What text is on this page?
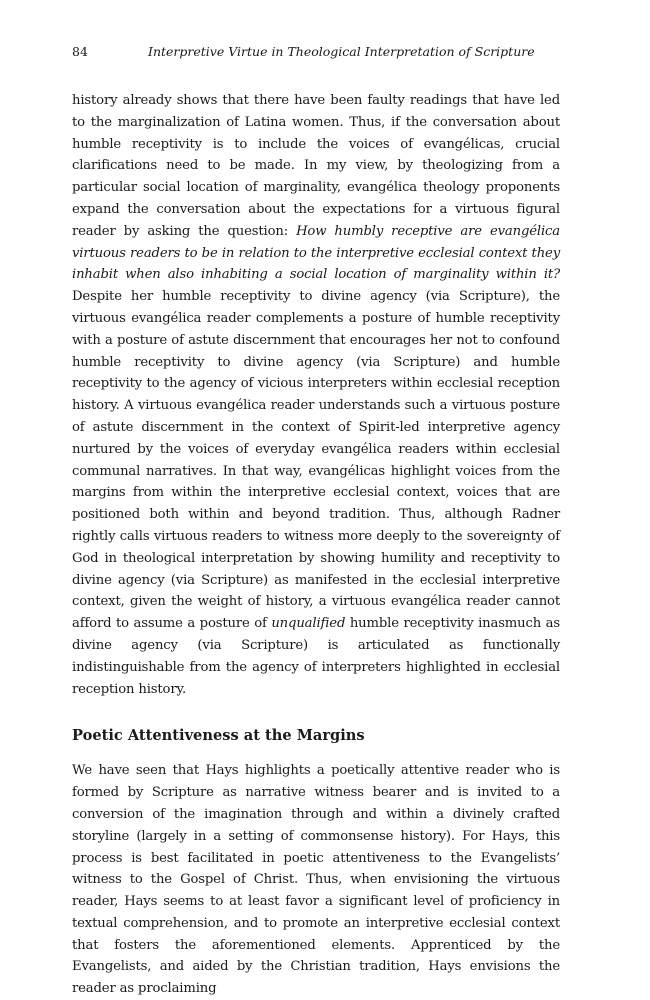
84	Interpretive Virtue in Theological Interpretation of Scripture

history already shows that there have been faulty readings that have led to the marginalization of Latina women. Thus, if the conversation about humble receptivity is to include the voices of evangélicas, crucial clarifications need to be made. In my view, by theologizing from a particular social location of marginality, evangélica theology proponents expand the conversation about the expectations for a virtuous figural reader by asking the question: How humbly receptive are evangélica virtuous readers to be in relation to the interpretive ecclesial context they inhabit when also inhabiting a social location of marginality within it? Despite her humble receptivity to divine agency (via Scripture), the virtuous evangélica reader complements a posture of humble receptivity with a posture of astute discernment that encourages her not to confound humble receptivity to divine agency (via Scripture) and humble receptivity to the agency of vicious interpreters within ecclesial reception history. A virtuous evangélica reader understands such a virtuous posture of astute discernment in the context of Spirit-led interpretive agency nurtured by the voices of everyday evangélica readers within ecclesial communal narratives. In that way, evangélicas highlight voices from the margins from within the interpretive ecclesial context, voices that are positioned both within and beyond tradition. Thus, although Radner rightly calls virtuous readers to witness more deeply to the sovereignty of God in theological interpretation by showing humility and receptivity to divine agency (via Scripture) as manifested in the ecclesial interpretive context, given the weight of history, a virtuous evangélica reader cannot afford to assume a posture of unqualified humble receptivity inasmuch as divine agency (via Scripture) is articulated as functionally indistinguishable from the agency of interpreters highlighted in ecclesial reception history.

Poetic Attentiveness at the Margins

We have seen that Hays highlights a poetically attentive reader who is formed by Scripture as narrative witness bearer and is invited to a conversion of the imagination through and within a divinely crafted storyline (largely in a setting of commonsense history). For Hays, this process is best facilitated in poetic attentiveness to the Evangelists’ witness to the Gospel of Christ. Thus, when envisioning the virtuous reader, Hays seems to at least favor a significant level of proficiency in textual comprehension, and to promote an interpretive ecclesial context that fosters the aforementioned elements. Apprenticed by the Evangelists, and aided by the Christian tradition, Hays envisions the reader as proclaiming
